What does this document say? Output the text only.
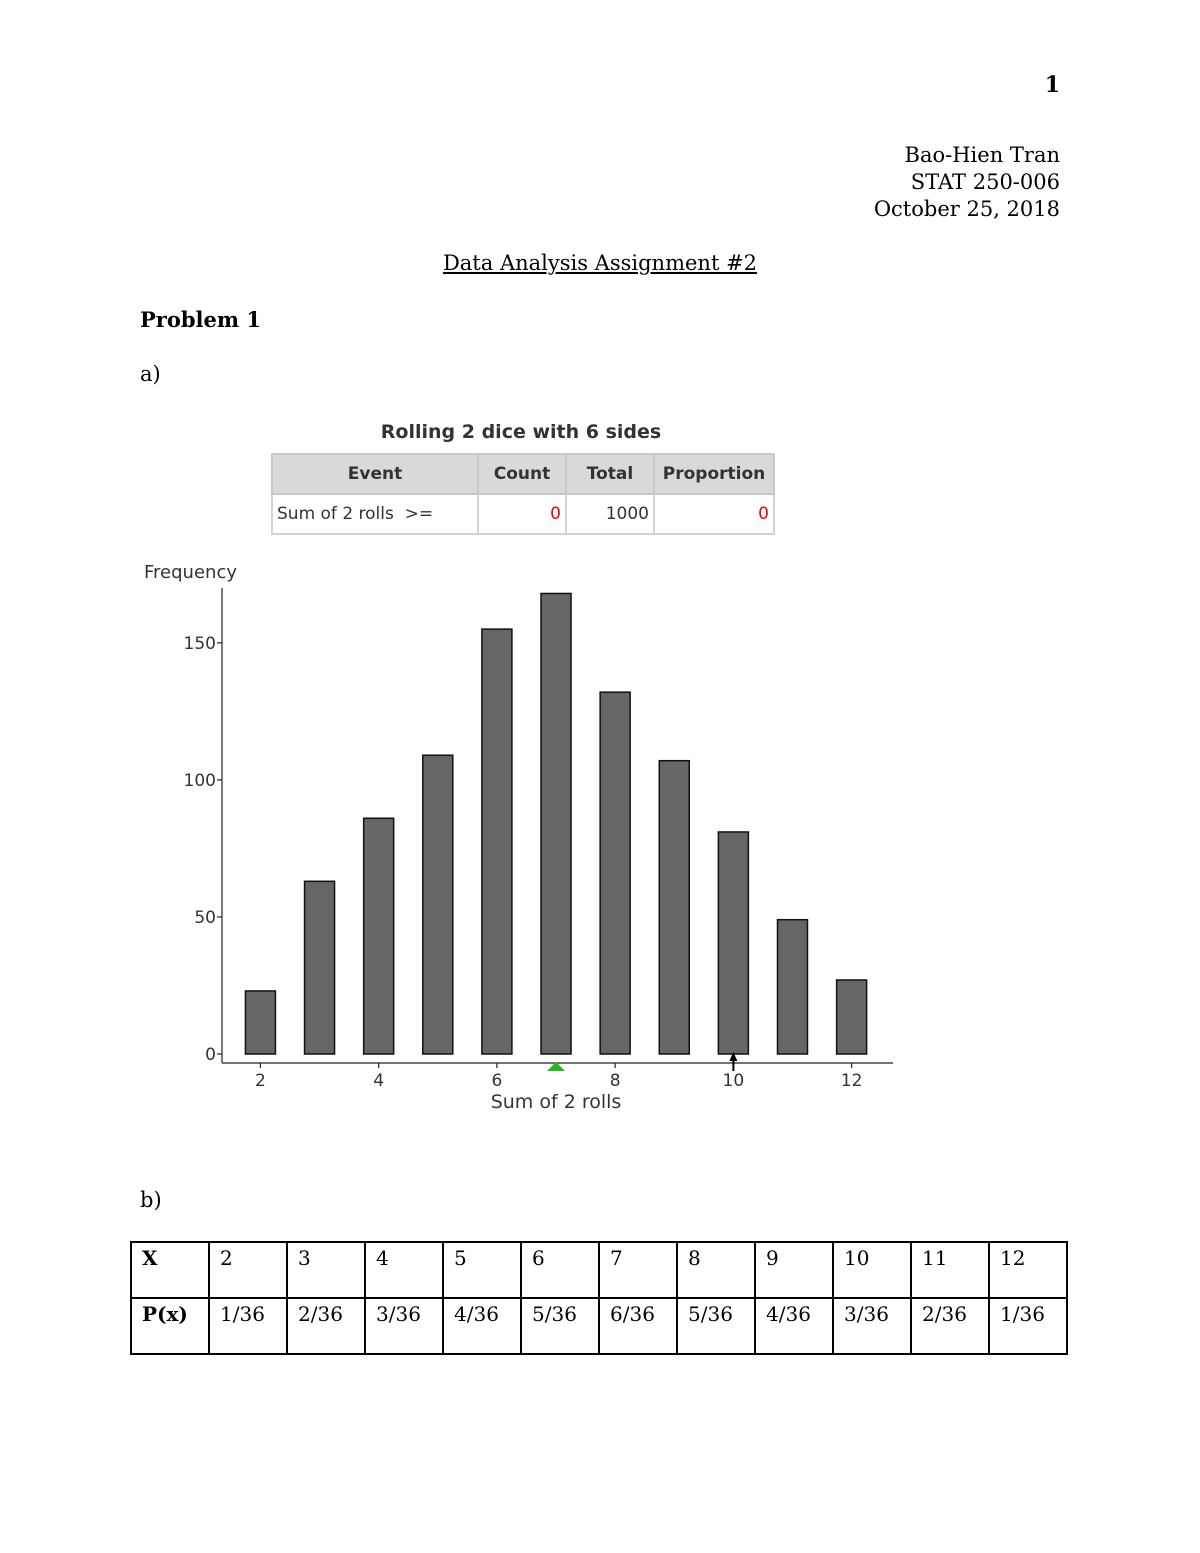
1
Bao-Hien Tran
STAT 250-006
October 25, 2018
Data Analysis Assignment #2
Problem 1
a)
Rolling 2 dice with 6 sides
Event	Count	Total	Proportion
Sum of 2 rolls  >=	0	1000	0
Frequency
0
50
100
150
2	4	6	8	10	12
Sum of 2 rolls
b)
X	2	3	4	5	6	7	8	9	10	11	12
P(x)	1/36	2/36	3/36	4/36	5/36	6/36	5/36	4/36	3/36	2/36	1/36
